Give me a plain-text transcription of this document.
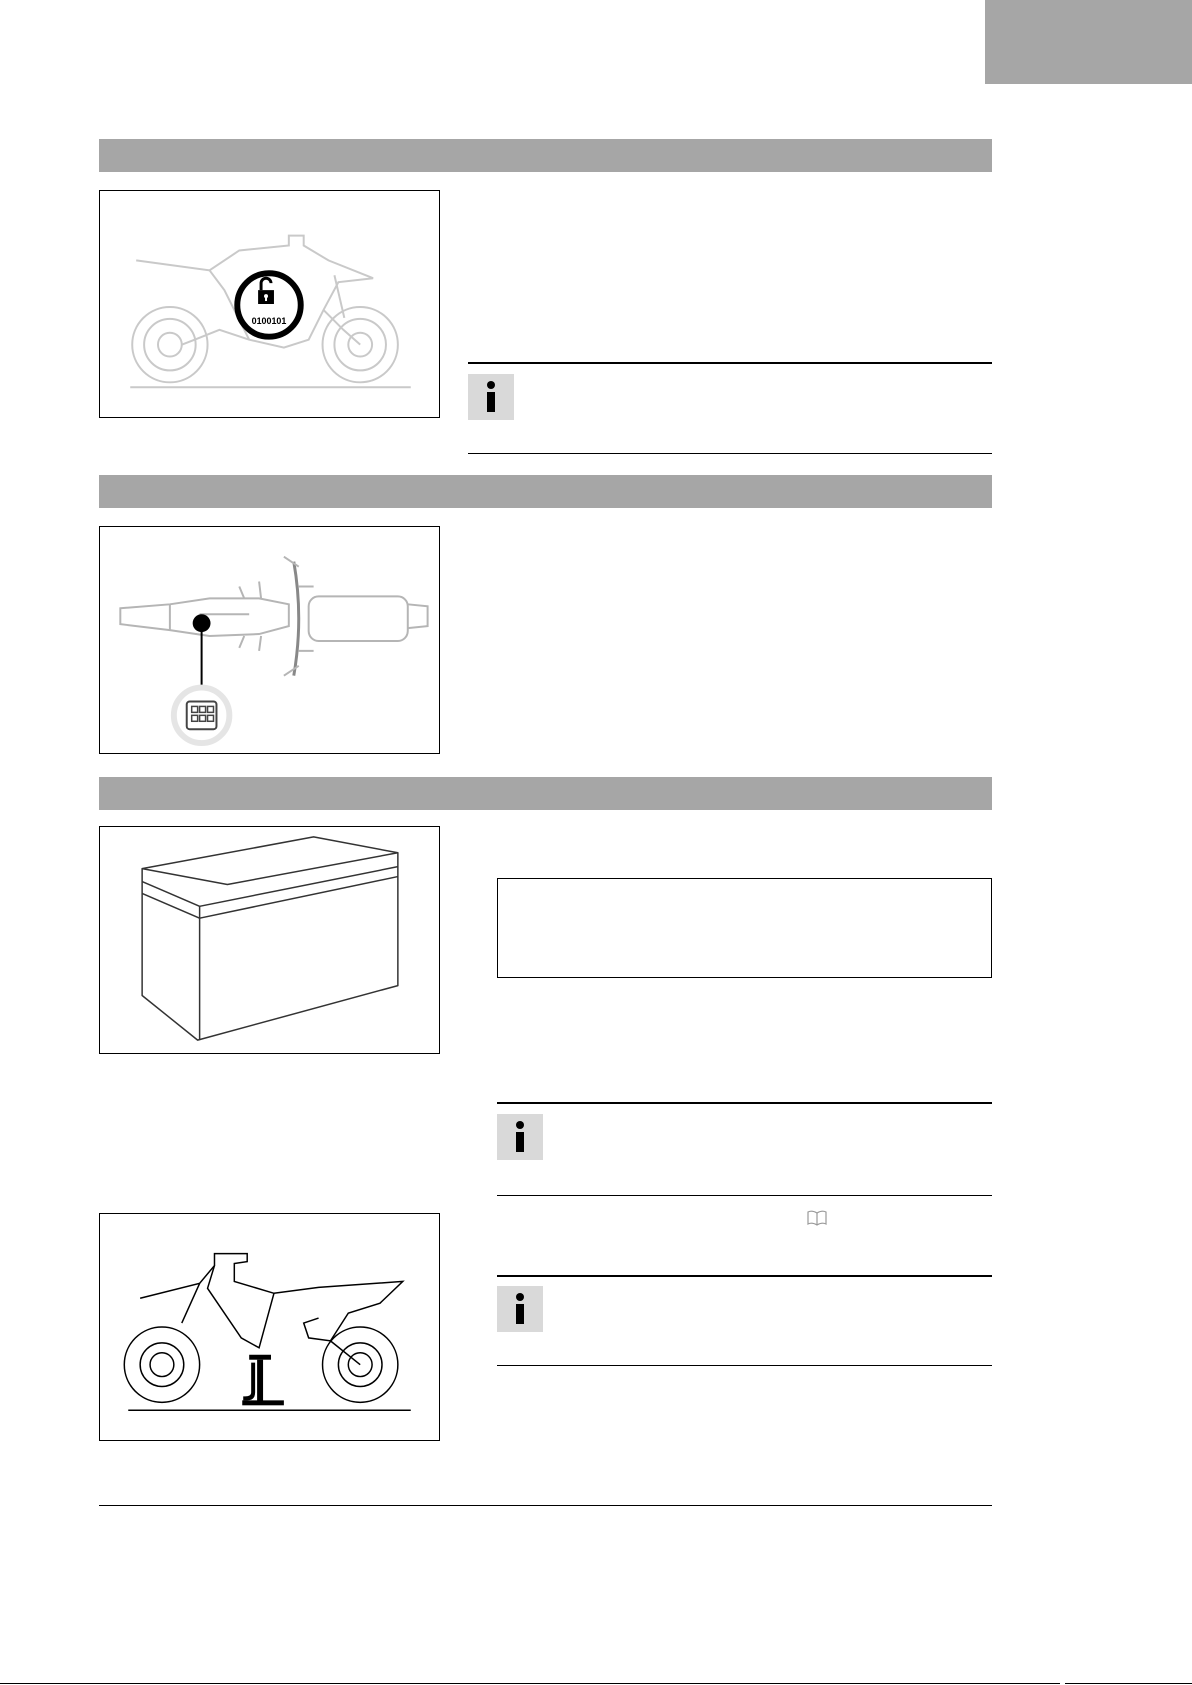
0100101
